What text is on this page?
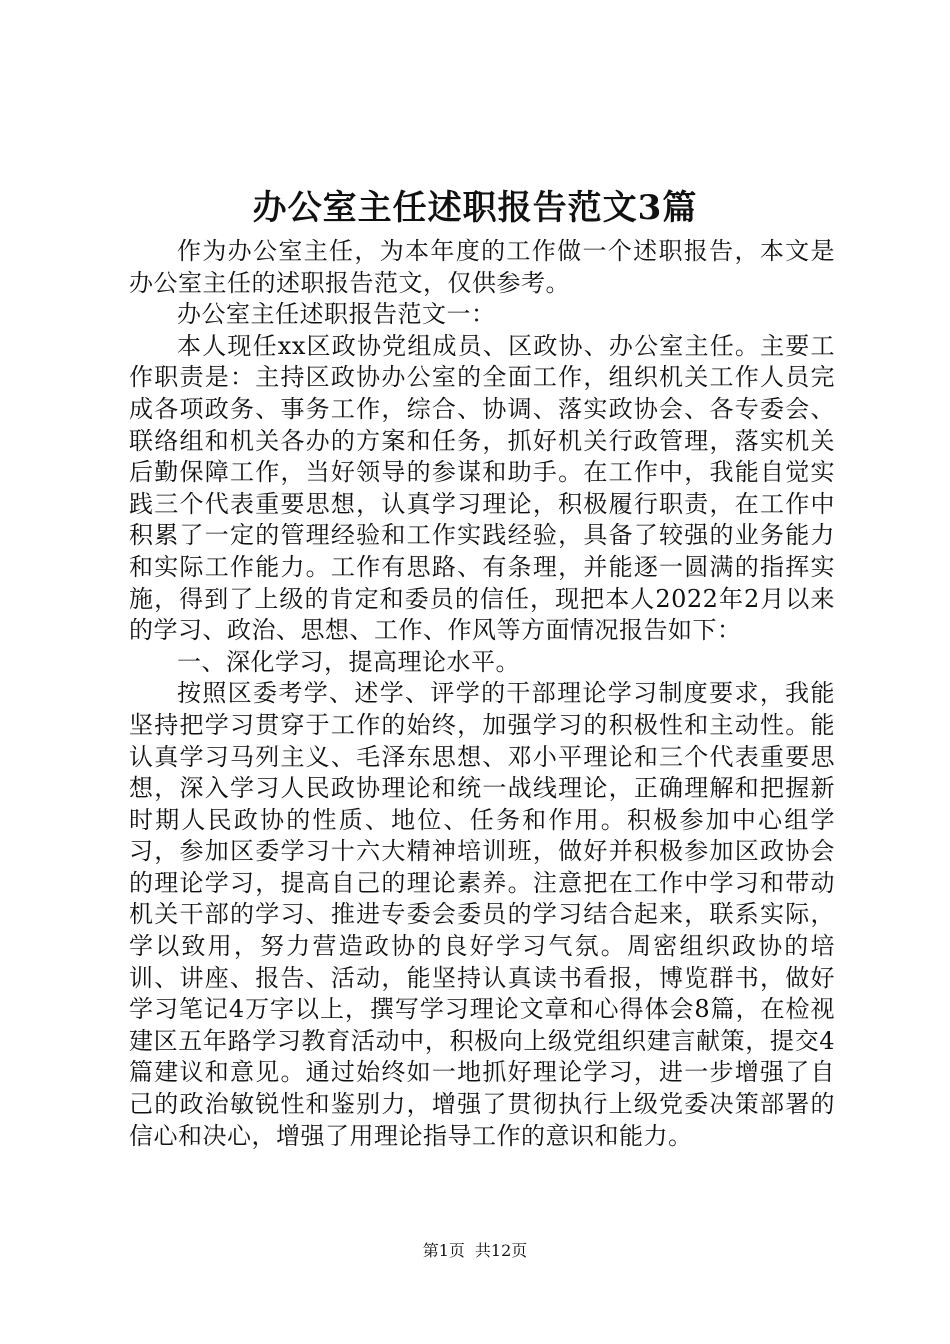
办公室主任述职报告范文3篇

作为办公室主任，为本年度的工作做一个述职报告，本文是办公室主任的述职报告范文，仅供参考。

办公室主任述职报告范文一：

本人现任xx区政协党组成员、区政协、办公室主任。主要工作职责是：主持区政协办公室的全面工作，组织机关工作人员完成各项政务、事务工作，综合、协调、落实政协会、各专委会、联络组和机关各办的方案和任务，抓好机关行政管理，落实机关后勤保障工作，当好领导的参谋和助手。在工作中，我能自觉实践三个代表重要思想，认真学习理论，积极履行职责，在工作中积累了一定的管理经验和工作实践经验，具备了较强的业务能力和实际工作能力。工作有思路、有条理，并能逐一圆满的指挥实施，得到了上级的肯定和委员的信任，现把本人2022年2月以来的学习、政治、思想、工作、作风等方面情况报告如下：

一、深化学习，提高理论水平。

按照区委考学、述学、评学的干部理论学习制度要求，我能坚持把学习贯穿于工作的始终，加强学习的积极性和主动性。能认真学习马列主义、毛泽东思想、邓小平理论和三个代表重要思想，深入学习人民政协理论和统一战线理论，正确理解和把握新时期人民政协的性质、地位、任务和作用。积极参加中心组学习，参加区委学习十六大精神培训班，做好并积极参加区政协会的理论学习，提高自己的理论素养。注意把在工作中学习和带动机关干部的学习、推进专委会委员的学习结合起来，联系实际，学以致用，努力营造政协的良好学习气氛。周密组织政协的培训、讲座、报告、活动，能坚持认真读书看报，博览群书，做好学习笔记4万字以上，撰写学习理论文章和心得体会8篇，在检视建区五年路学习教育活动中，积极向上级党组织建言献策，提交4篇建议和意见。通过始终如一地抓好理论学习，进一步增强了自己的政治敏锐性和鉴别力，增强了贯彻执行上级党委决策部署的信心和决心，增强了用理论指导工作的意识和能力。

第1页 共12页
